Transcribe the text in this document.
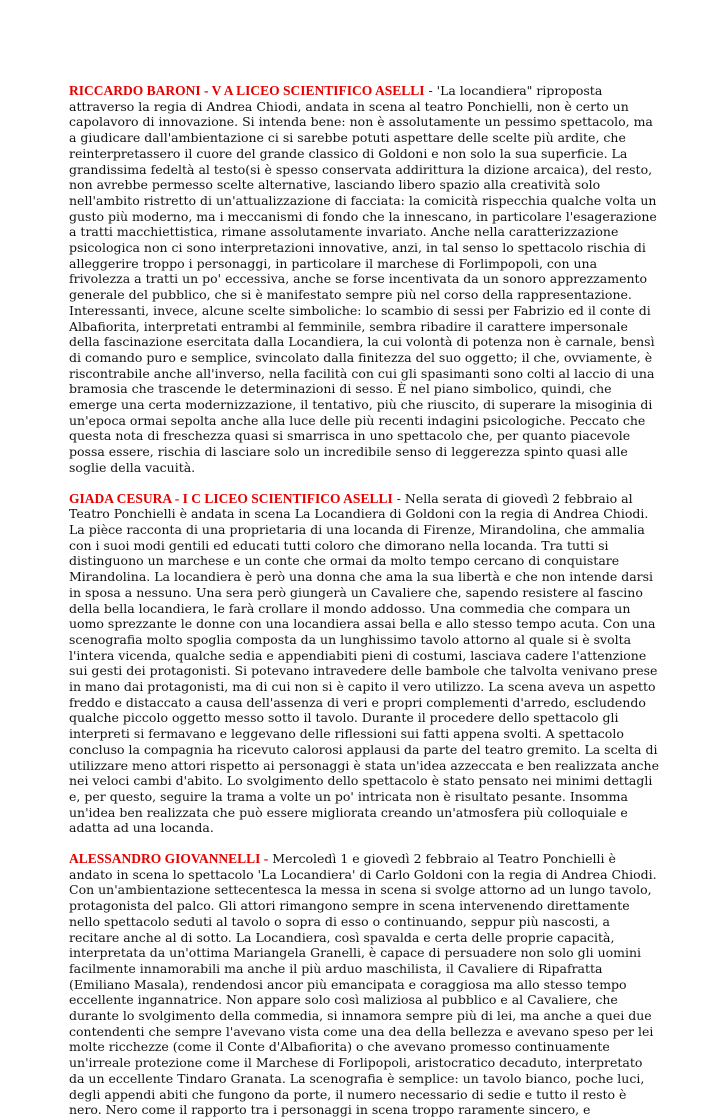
RICCARDO BARONI - V A LICEO SCIENTIFICO ASELLI - 'La locandiera" riproposta attraverso la regia di Andrea Chiodi, andata in scena al teatro Ponchielli, non è certo un capolavoro di innovazione. Si intenda bene: non è assolutamente un pessimo spettacolo, ma a giudicare dall'ambientazione ci si sarebbe potuti aspettare delle scelte più ardite, che reinterpretassero il cuore del grande classico di Goldoni e non solo la sua superficie. La grandissima fedeltà al testo(si è spesso conservata addirittura la dizione arcaica), del resto, non avrebbe permesso scelte alternative, lasciando libero spazio alla creatività solo nell'ambito ristretto di un'attualizzazione di facciata: la comicità rispecchia qualche volta un gusto più moderno, ma i meccanismi di fondo che la innescano, in particolare l'esagerazione a tratti macchiettistica, rimane assolutamente invariato. Anche nella caratterizzazione psicologica non ci sono interpretazioni innovative, anzi, in tal senso lo spettacolo rischia di alleggerire troppo i personaggi, in particolare il marchese di Forlimpopoli, con una frivolezza a tratti un po' eccessiva, anche se forse incentivata da un sonoro apprezzamento generale del pubblico, che si è manifestato sempre più nel corso della rappresentazione. Interessanti, invece, alcune scelte simboliche: lo scambio di sessi per Fabrizio ed il conte di Albafiorita, interpretati entrambi al femminile, sembra ribadire il carattere impersonale della fascinazione esercitata dalla Locandiera, la cui volontà di potenza non è carnale, bensì di comando puro e semplice, svincolato dalla finitezza del suo oggetto; il che, ovviamente, è riscontrabile anche all'inverso, nella facilità con cui gli spasimanti sono colti al laccio di una bramosia che trascende le determinazioni di sesso. È nel piano simbolico, quindi, che emerge una certa modernizzazione, il tentativo, più che riuscito, di superare la misoginia di un'epoca ormai sepolta anche alla luce delle più recenti indagini psicologiche. Peccato che questa nota di freschezza quasi si smarrisca in uno spettacolo che, per quanto piacevole possa essere, rischia di lasciare solo un incredibile senso di leggerezza spinto quasi alle soglie della vacuità.

GIADA CESURA - I C LICEO SCIENTIFICO ASELLI - Nella serata di giovedì 2 febbraio al Teatro Ponchielli è andata in scena La Locandiera di Goldoni con la regia di Andrea Chiodi. La pièce racconta di una proprietaria di una locanda di Firenze, Mirandolina, che ammalia con i suoi modi gentili ed educati tutti coloro che dimorano nella locanda. Tra tutti si distinguono un marchese e un conte che ormai da molto tempo cercano di conquistare Mirandolina. La locandiera è però una donna che ama la sua libertà e che non intende darsi in sposa a nessuno. Una sera però giungerà un Cavaliere che, sapendo resistere al fascino della bella locandiera, le farà crollare il mondo addosso. Una commedia che compara un uomo sprezzante le donne con una locandiera assai bella e allo stesso tempo acuta. Con una scenografia molto spoglia composta da un lunghissimo tavolo attorno al quale si è svolta l'intera vicenda, qualche sedia e appendiabiti pieni di costumi, lasciava cadere l'attenzione sui gesti dei protagonisti. Si potevano intravedere delle bambole che talvolta venivano prese in mano dai protagonisti, ma di cui non si è capito il vero utilizzo. La scena aveva un aspetto freddo e distaccato a causa dell'assenza di veri e propri complementi d'arredo, escludendo qualche piccolo oggetto messo sotto il tavolo. Durante il procedere dello spettacolo gli interpreti si fermavano e leggevano delle riflessioni sui fatti appena svolti. A spettacolo concluso la compagnia ha ricevuto calorosi applausi da parte del teatro gremito. La scelta di utilizzare meno attori rispetto ai personaggi è stata un'idea azzeccata e ben realizzata anche nei veloci cambi d'abito. Lo svolgimento dello spettacolo è stato pensato nei minimi dettagli e, per questo, seguire la trama a volte un po' intricata non è risultato pesante. Insomma un'idea ben realizzata che può essere migliorata creando un'atmosfera più colloquiale e adatta ad una locanda.

ALESSANDRO GIOVANNELLI - Mercoledì 1 e giovedì 2 febbraio al Teatro Ponchielli è andato in scena lo spettacolo 'La Locandiera' di Carlo Goldoni con la regia di Andrea Chiodi. Con un'ambientazione settecentesca la messa in scena si svolge attorno ad un lungo tavolo, protagonista del palco. Gli attori rimangono sempre in scena intervenendo direttamente nello spettacolo seduti al tavolo o sopra di esso o continuando, seppur più nascosti, a recitare anche al di sotto. La Locandiera, così spavalda e certa delle proprie capacità, interpretata da un'ottima Mariangela Granelli, è capace di persuadere non solo gli uomini facilmente innamorabili ma anche il più arduo maschilista, il Cavaliere di Ripafratta (Emiliano Masala), rendendosi ancor più emancipata e coraggiosa ma allo stesso tempo eccellente ingannatrice. Non appare solo così maliziosa al pubblico e al Cavaliere, che durante lo svolgimento della commedia, si innamora sempre più di lei, ma anche a quei due contendenti che sempre l'avevano vista come una dea della bellezza e avevano speso per lei molte ricchezze (come il Conte d'Albafiorita) o che avevano promesso continuamente un'irreale protezione come il Marchese di Forlipopoli, aristocratico decaduto, interpretato da un eccellente Tindaro Granata. La scenografia è semplice: un tavolo bianco, poche luci, degli appendi abiti che fungono da porte, il numero necessario di sedie e tutto il resto è nero. Nero come il rapporto tra i personaggi in scena troppo raramente sincero, e
